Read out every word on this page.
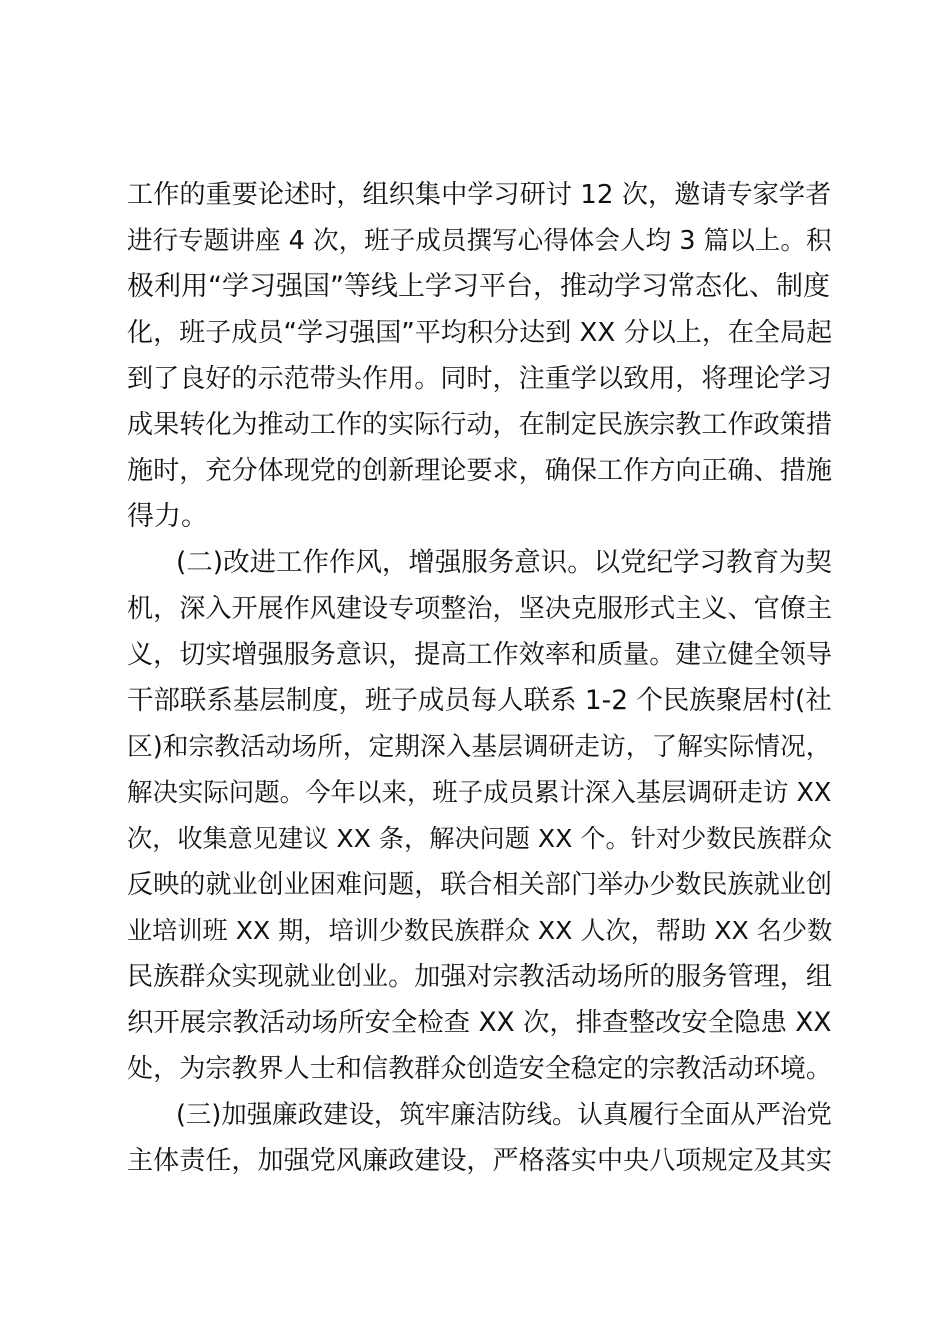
工作的重要论述时，组织集中学习研讨 12 次，邀请专家学者
进行专题讲座 4 次，班子成员撰写心得体会人均 3 篇以上。积
极利用“学习强国”等线上学习平台，推动学习常态化、制度
化，班子成员“学习强国”平均积分达到 XX 分以上，在全局起
到了良好的示范带头作用。同时，注重学以致用，将理论学习
成果转化为推动工作的实际行动，在制定民族宗教工作政策措
施时，充分体现党的创新理论要求，确保工作方向正确、措施
得力。
(二)改进工作作风，增强服务意识。以党纪学习教育为契
机，深入开展作风建设专项整治，坚决克服形式主义、官僚主
义，切实增强服务意识，提高工作效率和质量。建立健全领导
干部联系基层制度，班子成员每人联系 1-2 个民族聚居村(社
区)和宗教活动场所，定期深入基层调研走访，了解实际情况，
解决实际问题。今年以来，班子成员累计深入基层调研走访 XX
次，收集意见建议 XX 条，解决问题 XX 个。针对少数民族群众
反映的就业创业困难问题，联合相关部门举办少数民族就业创
业培训班 XX 期，培训少数民族群众 XX 人次，帮助 XX 名少数
民族群众实现就业创业。加强对宗教活动场所的服务管理，组
织开展宗教活动场所安全检查 XX 次，排查整改安全隐患 XX
处，为宗教界人士和信教群众创造安全稳定的宗教活动环境。
(三)加强廉政建设，筑牢廉洁防线。认真履行全面从严治党
主体责任，加强党风廉政建设，严格落实中央八项规定及其实
